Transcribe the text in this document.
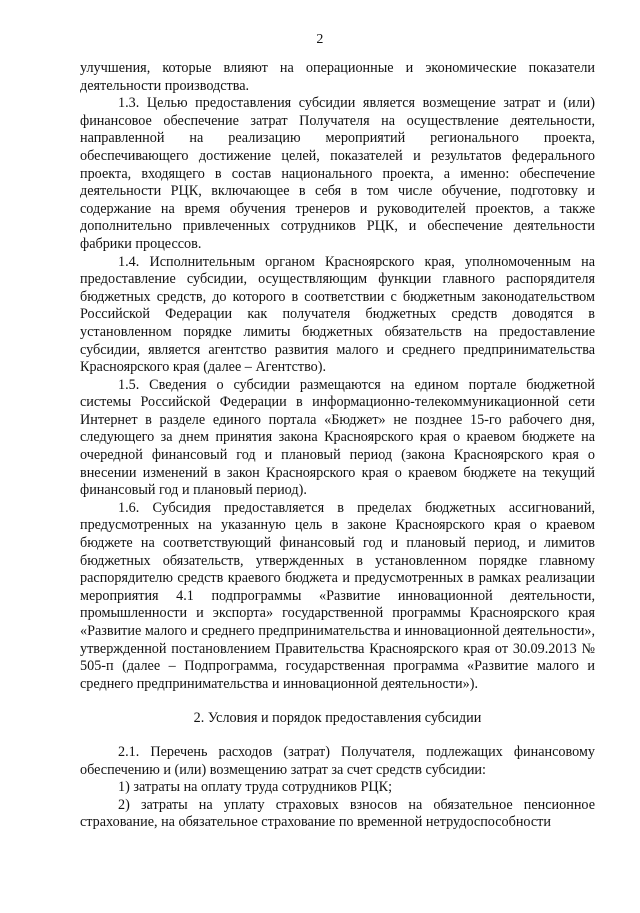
2

улучшения, которые влияют на операционные и экономические показатели деятельности производства.

1.3. Целью предоставления субсидии является возмещение затрат и (или) финансовое обеспечение затрат Получателя на осуществление деятельности, направленной на реализацию мероприятий регионального проекта, обеспечивающего достижение целей, показателей и результатов федерального проекта, входящего в состав национального проекта, а именно: обеспечение деятельности РЦК, включающее в себя в том числе обучение, подготовку и содержание на время обучения тренеров и руководителей проектов, а также дополнительно привлеченных сотрудников РЦК, и обеспечение деятельности фабрики процессов.

1.4. Исполнительным органом Красноярского края, уполномоченным на предоставление субсидии, осуществляющим функции главного распорядителя бюджетных средств, до которого в соответствии с бюджетным законодательством Российской Федерации как получателя бюджетных средств доводятся в установленном порядке лимиты бюджетных обязательств на предоставление субсидии, является агентство развития малого и среднего предпринимательства Красноярского края (далее – Агентство).

1.5. Сведения о субсидии размещаются на едином портале бюджетной системы Российской Федерации в информационно-телекоммуникационной сети Интернет в разделе единого портала «Бюджет» не позднее 15-го рабочего дня, следующего за днем принятия закона Красноярского края о краевом бюджете на очередной финансовый год и плановый период (закона Красноярского края о внесении изменений в закон Красноярского края о краевом бюджете на текущий финансовый год и плановый период).

1.6. Субсидия предоставляется в пределах бюджетных ассигнований, предусмотренных на указанную цель в законе Красноярского края о краевом бюджете на соответствующий финансовый год и плановый период, и лимитов бюджетных обязательств, утвержденных в установленном порядке главному распорядителю средств краевого бюджета и предусмотренных в рамках реализации мероприятия 4.1 подпрограммы «Развитие инновационной деятельности, промышленности и экспорта» государственной программы Красноярского края «Развитие малого и среднего предпринимательства и инновационной деятельности», утвержденной постановлением Правительства Красноярского края от 30.09.2013 № 505-п (далее – Подпрограмма, государственная программа «Развитие малого и среднего предпринимательства и инновационной деятельности»).

2. Условия и порядок предоставления субсидии

2.1. Перечень расходов (затрат) Получателя, подлежащих финансовому обеспечению и (или) возмещению затрат за счет средств субсидии:

1) затраты на оплату труда сотрудников РЦК;

2) затраты на уплату страховых взносов на обязательное пенсионное страхование, на обязательное страхование по временной нетрудоспособности
